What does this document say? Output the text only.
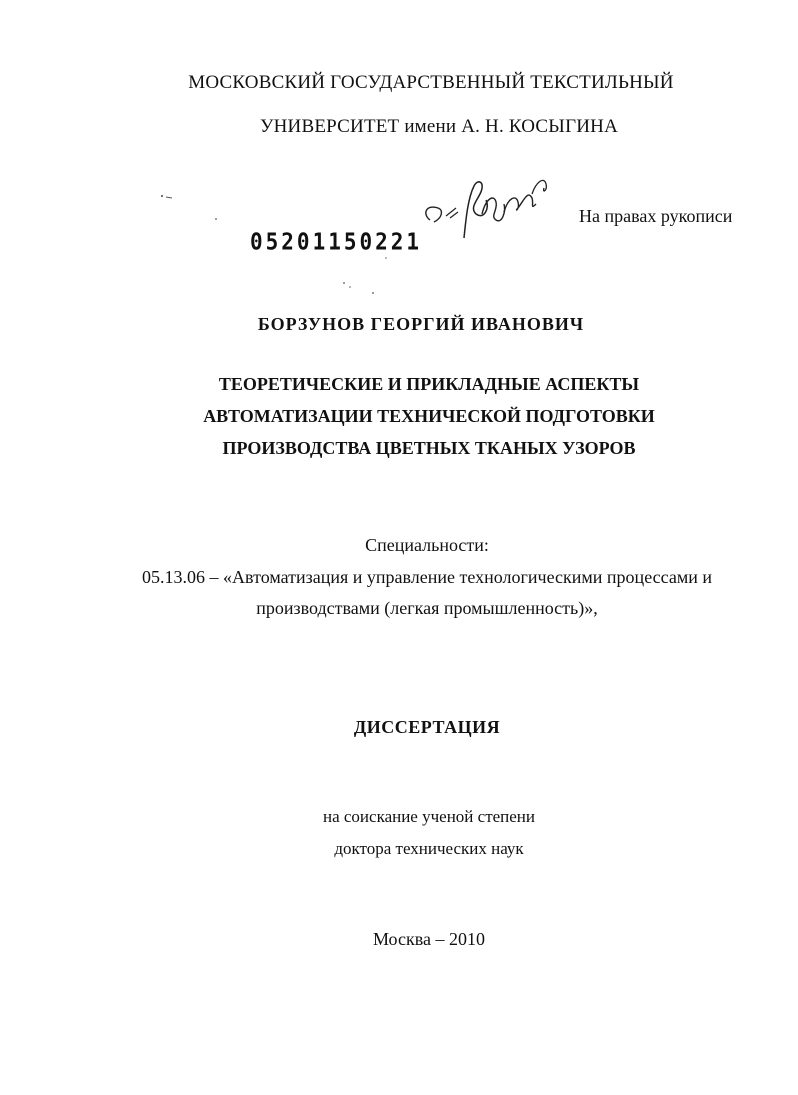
МОСКОВСКИЙ ГОСУДАРСТВЕННЫЙ ТЕКСТИЛЬНЫЙ
УНИВЕРСИТЕТ имени А. Н. КОСЫГИНА
05201150221
На правах рукописи
БОРЗУНОВ ГЕОРГИЙ ИВАНОВИЧ
ТЕОРЕТИЧЕСКИЕ И ПРИКЛАДНЫЕ АСПЕКТЫ
АВТОМАТИЗАЦИИ ТЕХНИЧЕСКОЙ ПОДГОТОВКИ
ПРОИЗВОДСТВА ЦВЕТНЫХ ТКАНЫХ УЗОРОВ
Специальности:
05.13.06 – «Автоматизация и управление технологическими процессами и
производствами (легкая промышленность)»,
ДИССЕРТАЦИЯ
на соискание ученой степени
доктора технических наук
Москва – 2010
